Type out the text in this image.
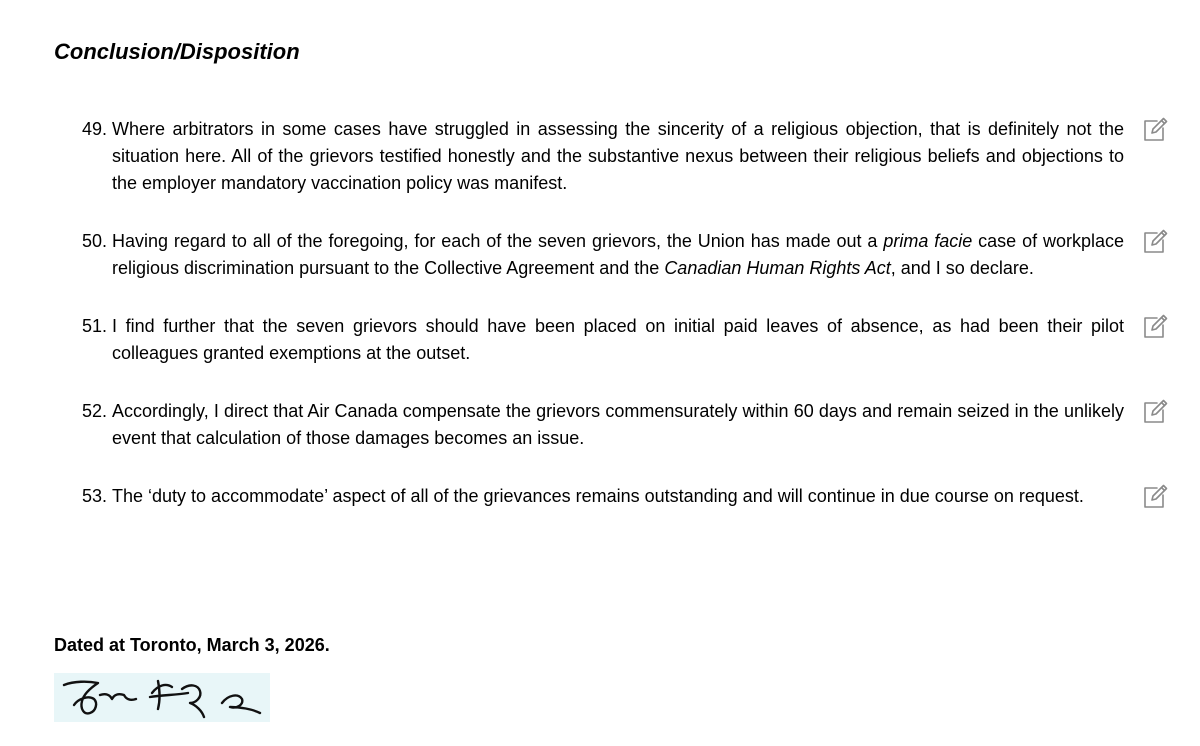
Conclusion/Disposition
49. Where arbitrators in some cases have struggled in assessing the sincerity of a religious objection, that is definitely not the situation here. All of the grievors testified honestly and the substantive nexus between their religious beliefs and objections to the employer mandatory vaccination policy was manifest.
50. Having regard to all of the foregoing, for each of the seven grievors, the Union has made out a prima facie case of workplace religious discrimination pursuant to the Collective Agreement and the Canadian Human Rights Act, and I so declare.
51. I find further that the seven grievors should have been placed on initial paid leaves of absence, as had been their pilot colleagues granted exemptions at the outset.
52. Accordingly, I direct that Air Canada compensate the grievors commensurately within 60 days and remain seized in the unlikely event that calculation of those damages becomes an issue.
53. The ‘duty to accommodate’ aspect of all of the grievances remains outstanding and will continue in due course on request.

Dated at Toronto, March 3, 2026.
